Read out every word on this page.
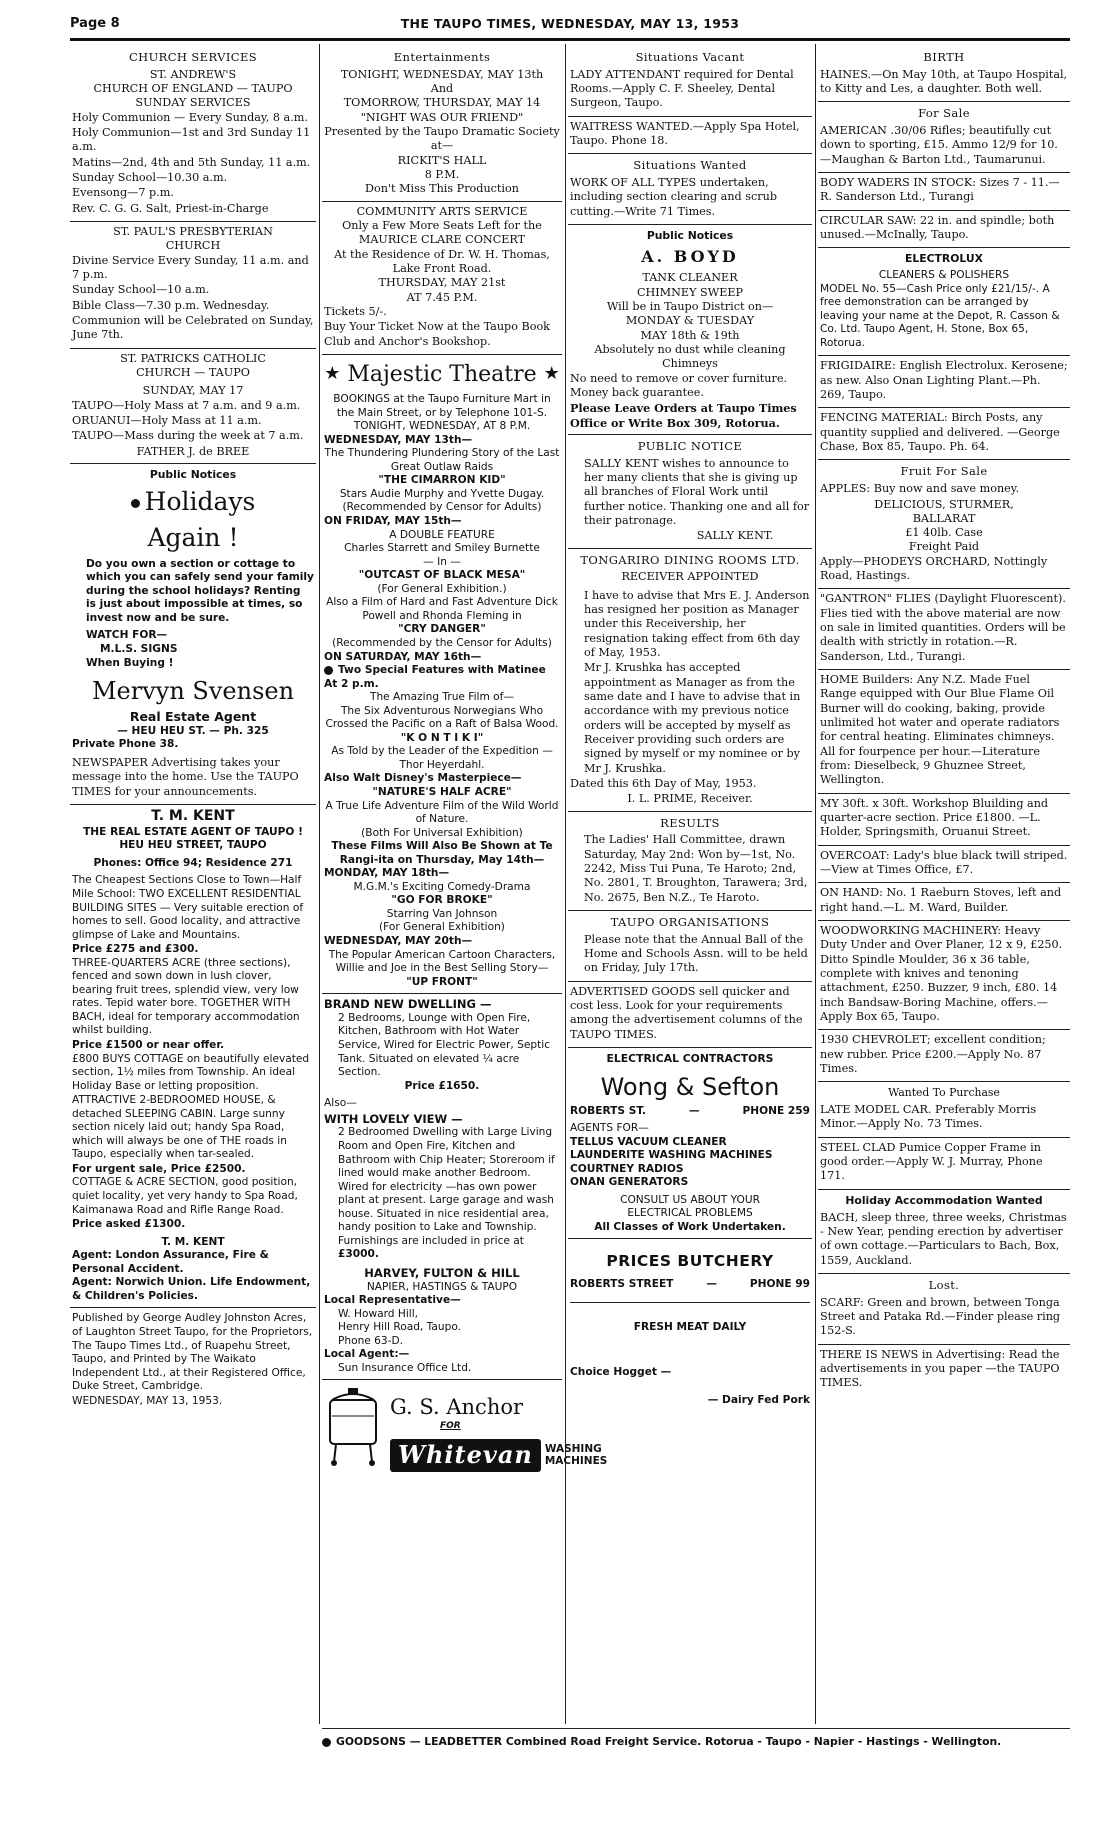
Page 8	THE TAUPO TIMES, WEDNESDAY, MAY 13, 1953
CHURCH SERVICES
ST. ANDREW'S
CHURCH OF ENGLAND — TAUPO
SUNDAY SERVICES
Holy Communion — Every Sunday, 8 a.m.
Holy Communion—1st and 3rd Sunday 11 a.m.
Matins—2nd, 4th and 5th Sunday, 11 a.m.
Sunday School—10.30 a.m.
Evensong—7 p.m.
Rev. C. G. G. Salt, Priest-in-Charge
ST. PAUL'S PRESBYTERIAN
CHURCH
Divine Service Every Sunday, 11 a.m. and 7 p.m.
Sunday School—10 a.m.
Bible Class—7.30 p.m. Wednesday.
Communion will be Celebrated on Sunday, June 7th.
ST. PATRICKS CATHOLIC
CHURCH — TAUPO
SUNDAY, MAY 17
TAUPO—Holy Mass at 7 a.m. and 9 a.m.
ORUANUI—Holy Mass at 11 a.m.
TAUPO—Mass during the week at 7 a.m.
FATHER J. de BREE
Public Notices
Holidays
Again !
Do you own a section or cottage to which you can safely send your family during the school holidays? Renting is just about impossible at times, so invest now and be sure.
WATCH FOR—
M.L.S. SIGNS
When Buying !
Mervyn Svensen
Real Estate Agent
— HEU HEU ST. — Ph. 325
Private Phone 38.
NEWSPAPER Advertising takes your message into the home. Use the TAUPO TIMES for your announcements.
T. M. KENT
THE REAL ESTATE AGENT OF TAUPO !
HEU HEU STREET, TAUPO
Phones: Office 94; Residence 271
The Cheapest Sections Close to Town—Half Mile School: TWO EXCELLENT RESIDENTIAL BUILDING SITES — Very suitable erection of homes to sell. Good locality, and attractive glimpse of Lake and Mountains.
Price £275 and £300.
THREE-QUARTERS ACRE (three sections), fenced and sown down in lush clover, bearing fruit trees, splendid view, very low rates. Tepid water bore. TOGETHER WITH BACH, ideal for temporary accommodation whilst building.
Price £1500 or near offer.
£800 BUYS COTTAGE on beautifully elevated section, 1½ miles from Township. An ideal Holiday Base or letting proposition.
ATTRACTIVE 2-BEDROOMED HOUSE, & detached SLEEPING CABIN. Large sunny section nicely laid out; handy Spa Road, which will always be one of THE roads in Taupo, especially when tar-sealed.
For urgent sale, Price £2500.
COTTAGE & ACRE SECTION, good position, quiet locality, yet very handy to Spa Road, Kaimanawa Road and Rifle Range Road.
Price asked £1300.
T. M. KENT
Agent: London Assurance, Fire & Personal Accident.
Agent: Norwich Union. Life Endowment, & Children's Policies.
Published by George Audley Johnston Acres, of Laughton Street Taupo, for the Proprietors, The Taupo Times Ltd., of Ruapehu Street, Taupo, and Printed by The Waikato Independent Ltd., at their Registered Office, Duke Street, Cambridge.
WEDNESDAY, MAY 13, 1953.
Entertainments
TONIGHT, WEDNESDAY, MAY 13th
And
TOMORROW, THURSDAY, MAY 14
"NIGHT WAS OUR FRIEND"
Presented by the Taupo Dramatic Society at—
RICKIT'S HALL
8 P.M.
Don't Miss This Production
COMMUNITY ARTS SERVICE
Only a Few More Seats Left for the
MAURICE CLARE CONCERT
At the Residence of Dr. W. H. Thomas, Lake Front Road.
THURSDAY, MAY 21st
AT 7.45 P.M.
Tickets 5/-.
Buy Your Ticket Now at the Taupo Book Club and Anchor's Bookshop.
★ Majestic Theatre ★
BOOKINGS at the Taupo Furniture Mart in the Main Street, or by Telephone 101-S.
TONIGHT, WEDNESDAY, AT 8 P.M.
WEDNESDAY, MAY 13th—
The Thundering Plundering Story of the Last Great Outlaw Raids
"THE CIMARRON KID"
Stars Audie Murphy and Yvette Dugay.
(Recommended by Censor for Adults)
ON FRIDAY, MAY 15th—
A DOUBLE FEATURE
Charles Starrett and Smiley Burnette
— In —
"OUTCAST OF BLACK MESA"
(For General Exhibition.)
Also a Film of Hard and Fast Adventure Dick Powell and Rhonda Fleming in
"CRY DANGER"
(Recommended by the Censor for Adults)
ON SATURDAY, MAY 16th—
Two Special Features with Matinee At 2 p.m.
The Amazing True Film of—
The Six Adventurous Norwegians Who Crossed the Pacific on a Raft of Balsa Wood.
"K O N T I K I"
As Told by the Leader of the Expedition — Thor Heyerdahl.
Also Walt Disney's Masterpiece—
"NATURE'S HALF ACRE"
A True Life Adventure Film of the Wild World of Nature.
(Both For Universal Exhibition)
These Films Will Also Be Shown at Te Rangi-ita on Thursday, May 14th—
MONDAY, MAY 18th—
M.G.M.'s Exciting Comedy-Drama
"GO FOR BROKE"
Starring Van Johnson
(For General Exhibition)
WEDNESDAY, MAY 20th—
The Popular American Cartoon Characters, Willie and Joe in the Best Selling Story—
"UP FRONT"
BRAND NEW DWELLING —
2 Bedrooms, Lounge with Open Fire, Kitchen, Bathroom with Hot Water Service, Wired for Electric Power, Septic Tank. Situated on elevated ¼ acre Section.
Price £1650.
Also—
WITH LOVELY VIEW —
2 Bedroomed Dwelling with Large Living Room and Open Fire, Kitchen and Bathroom with Chip Heater; Storeroom if lined would make another Bedroom. Wired for electricity —has own power plant at present. Large garage and wash house. Situated in nice residential area, handy position to Lake and Township. Furnishings are included in price at
£3000.
HARVEY, FULTON & HILL
NAPIER, HASTINGS & TAUPO
Local Representative—
W. Howard Hill,
Henry Hill Road, Taupo.
Phone 63-D.
Local Agent:—
Sun Insurance Office Ltd.
G. S. Anchor
FOR
Whitevan	WASHING
MACHINES
Situations Vacant
LADY ATTENDANT required for Dental Rooms.—Apply C. F. Sheeley, Dental Surgeon, Taupo.
WAITRESS WANTED.—Apply Spa Hotel, Taupo. Phone 18.
Situations Wanted
WORK OF ALL TYPES undertaken, including section clearing and scrub cutting.—Write 71 Times.
Public Notices
A. BOYD
TANK CLEANER
CHIMNEY SWEEP
Will be in Taupo District on—
MONDAY & TUESDAY
MAY 18th & 19th
Absolutely no dust while cleaning Chimneys
No need to remove or cover furniture. Money back guarantee.
Please Leave Orders at Taupo Times Office or Write Box 309, Rotorua.
PUBLIC NOTICE
SALLY KENT wishes to announce to her many clients that she is giving up all branches of Floral Work until further notice. Thanking one and all for their patronage.
SALLY KENT.
TONGARIRO DINING ROOMS LTD.
RECEIVER APPOINTED
I have to advise that Mrs E. J. Anderson has resigned her position as Manager under this Receivership, her resignation taking effect from 6th day of May, 1953.
Mr J. Krushka has accepted appointment as Manager as from the same date and I have to advise that in accordance with my previous notice orders will be accepted by myself as Receiver providing such orders are signed by myself or my nominee or by Mr J. Krushka.
Dated this 6th Day of May, 1953.
I. L. PRIME, Receiver.
RESULTS
The Ladies' Hall Committee, drawn Saturday, May 2nd: Won by—1st, No. 2242, Miss Tui Puna, Te Haroto; 2nd, No. 2801, T. Broughton, Tarawera; 3rd, No. 2675, Ben N.Z., Te Haroto.
TAUPO ORGANISATIONS
Please note that the Annual Ball of the Home and Schools Assn. will to be held on Friday, July 17th.
ADVERTISED GOODS sell quicker and cost less. Look for your requirements among the advertisement columns of the TAUPO TIMES.
ELECTRICAL CONTRACTORS
Wong & Sefton
ROBERTS ST.	—	PHONE 259
AGENTS FOR—
TELLUS VACUUM CLEANER
LAUNDERITE WASHING MACHINES
COURTNEY RADIOS
ONAN GENERATORS
CONSULT US ABOUT YOUR
ELECTRICAL PROBLEMS
All Classes of Work Undertaken.
PRICES BUTCHERY
ROBERTS STREET	—	PHONE 99
FRESH MEAT DAILY
Choice Hogget —
— Dairy Fed Pork
BIRTH
HAINES.—On May 10th, at Taupo Hospital, to Kitty and Les, a daughter. Both well.
For Sale
AMERICAN .30/06 Rifles; beautifully cut down to sporting, £15. Ammo 12/9 for 10.—Maughan & Barton Ltd., Taumarunui.
BODY WADERS IN STOCK: Sizes 7 - 11.—R. Sanderson Ltd., Turangi
CIRCULAR SAW: 22 in. and spindle; both unused.—McInally, Taupo.
ELECTROLUX
CLEANERS & POLISHERS
MODEL No. 55—Cash Price only £21/15/-. A free demonstration can be arranged by leaving your name at the Depot, R. Casson & Co. Ltd. Taupo Agent, H. Stone, Box 65, Rotorua.
FRIGIDAIRE: English Electrolux. Kerosene; as new. Also Onan Lighting Plant.—Ph. 269, Taupo.
FENCING MATERIAL: Birch Posts, any quantity supplied and delivered. —George Chase, Box 85, Taupo. Ph. 64.
Fruit For Sale
APPLES: Buy now and save money.
DELICIOUS, STURMER,
BALLARAT
£1 40lb. Case
Freight Paid
Apply—PHODEYS ORCHARD, Nottingly Road, Hastings.
"GANTRON" FLIES (Daylight Fluorescent). Flies tied with the above material are now on sale in limited quantities. Orders will be dealth with strictly in rotation.—R. Sanderson, Ltd., Turangi.
HOME Builders: Any N.Z. Made Fuel Range equipped with Our Blue Flame Oil Burner will do cooking, baking, provide unlimited hot water and operate radiators for central heating. Eliminates chimneys. All for fourpence per hour.—Literature from: Dieselbeck, 9 Ghuznee Street, Wellington.
MY 30ft. x 30ft. Workshop Bluilding and quarter-acre section. Price £1800. —L. Holder, Springsmith, Oruanui Street.
OVERCOAT: Lady's blue black twill striped.—View at Times Office, £7.
ON HAND: No. 1 Raeburn Stoves, left and right hand.—L. M. Ward, Builder.
WOODWORKING MACHINERY: Heavy Duty Under and Over Planer, 12 x 9, £250. Ditto Spindle Moulder, 36 x 36 table, complete with knives and tenoning attachment, £250. Buzzer, 9 inch, £80. 14 inch Bandsaw-Boring Machine, offers.—Apply Box 65, Taupo.
1930 CHEVROLET; excellent condition; new rubber. Price £200.—Apply No. 87 Times.
Wanted To Purchase
LATE MODEL CAR. Preferably Morris Minor.—Apply No. 73 Times.
STEEL CLAD Pumice Copper Frame in good order.—Apply W. J. Murray, Phone 171.
Holiday Accommodation Wanted
BACH, sleep three, three weeks, Christmas - New Year, pending erection by advertiser of own cottage.—Particulars to Bach, Box, 1559, Auckland.
Lost.
SCARF: Green and brown, between Tonga Street and Pataka Rd.—Finder please ring 152-S.
THERE IS NEWS in Advertising: Read the advertisements in you paper —the TAUPO TIMES.
GOODSONS — LEADBETTER Combined Road Freight Service. Rotorua - Taupo - Napier - Hastings - Wellington.
